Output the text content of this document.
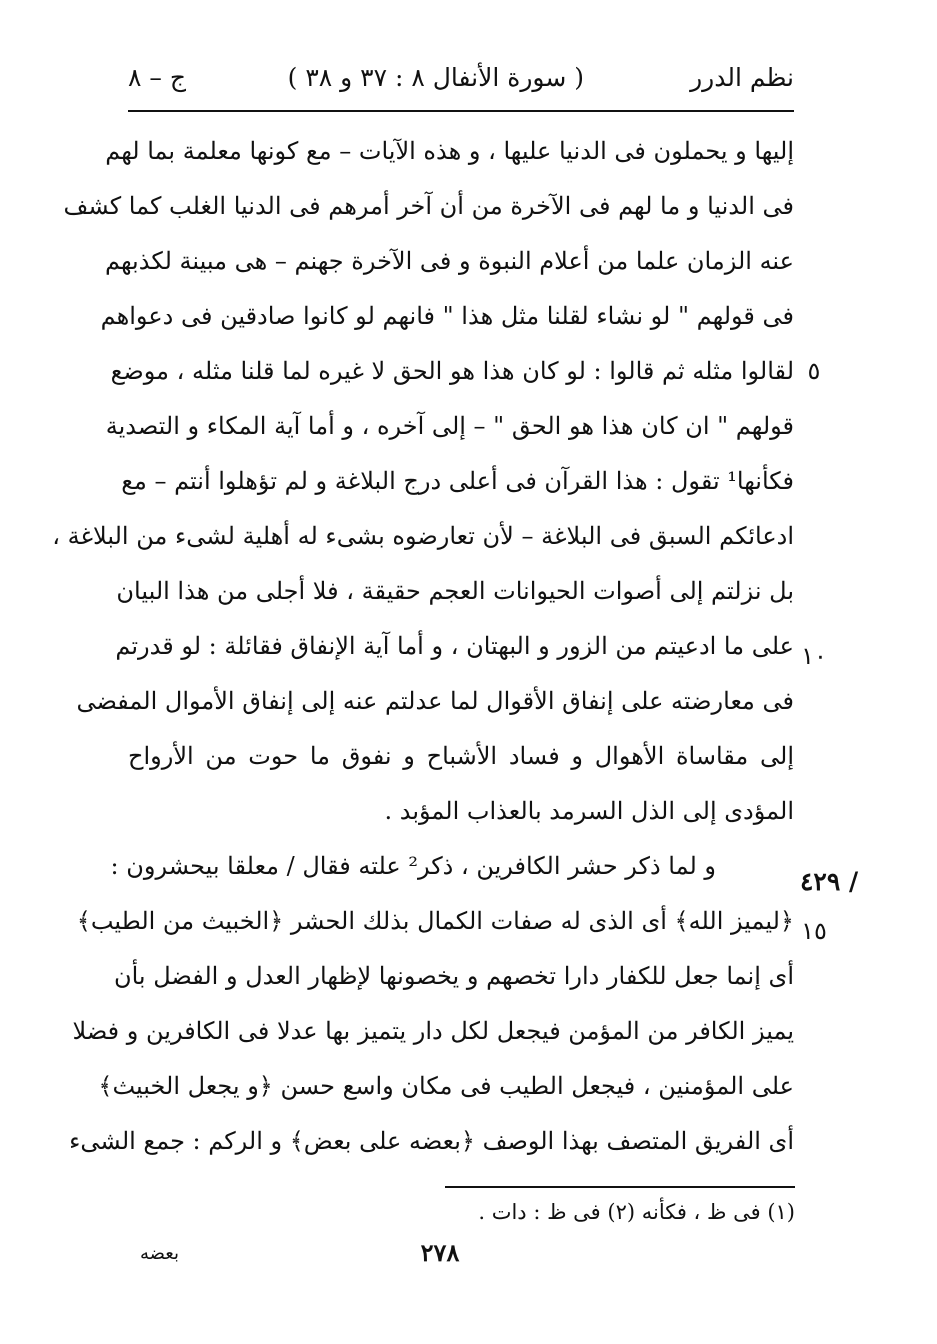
نظم الدرر
( سورة الأنفال ٨ : ٣٧ و ٣٨ )
ج – ٨
إليها و يحملون فى الدنيا عليها ، و هذه الآيات – مع كونها معلمة بما لهم
فى الدنيا و ما لهم فى الآخرة من أن آخر أمرهم فى الدنيا الغلب كما كشف
عنه الزمان علما من أعلام النبوة و فى الآخرة جهنم – هى مبينة لكذبهم
فى قولهم " لو نشاء لقلنا مثل هذا " فانهم لو كانوا صادقين فى دعواهم
لقالوا مثله ثم قالوا : لو كان هذا هو الحق لا غيره لما قلنا مثله ، موضع
قولهم " ان كان هذا هو الحق " – إلى آخره ، و أما آية المكاء و التصدية
فكأنها¹ تقول : هذا القرآن فى أعلى درج البلاغة و لم تؤهلوا أنتم – مع
ادعائكم السبق فى البلاغة – لأن تعارضوه بشىء له أهلية لشىء من البلاغة ،
بل نزلتم إلى أصوات الحيوانات العجم حقيقة ، فلا أجلى من هذا البيان
على ما ادعيتم من الزور و البهتان ، و أما آية الإنفاق فقائلة : لو قدرتم
فى معارضته على إنفاق الأقوال لما عدلتم عنه إلى إنفاق الأموال المفضى
إلى مقاساة الأهوال و فساد الأشباح و نفوق ما حوت من الأرواح
المؤدى إلى الذل السرمد بالعذاب المؤبد .
و لما ذكر حشر الكافرين ، ذكر² علته فقال / معلقا بيحشرون :
﴿ليميز الله﴾ أى الذى له صفات الكمال بذلك الحشر ﴿الخبيث من الطيب﴾
أى إنما جعل للكفار دارا تخصهم و يخصونها لإظهار العدل و الفضل بأن
يميز الكافر من المؤمن فيجعل لكل دار يتميز بها عدلا فى الكافرين و فضلا
على المؤمنين ، فيجعل الطيب فى مكان واسع حسن ﴿و يجعل الخبيث﴾
أى الفريق المتصف بهذا الوصف ﴿بعضه على بعض﴾ و الركم : جمع الشىء
٥
١٠
١٥
/ ٤٢٩
(١) فى ظ ، فكأنه (٢) فى ظ : دات .
بعضه	٢٧٨
